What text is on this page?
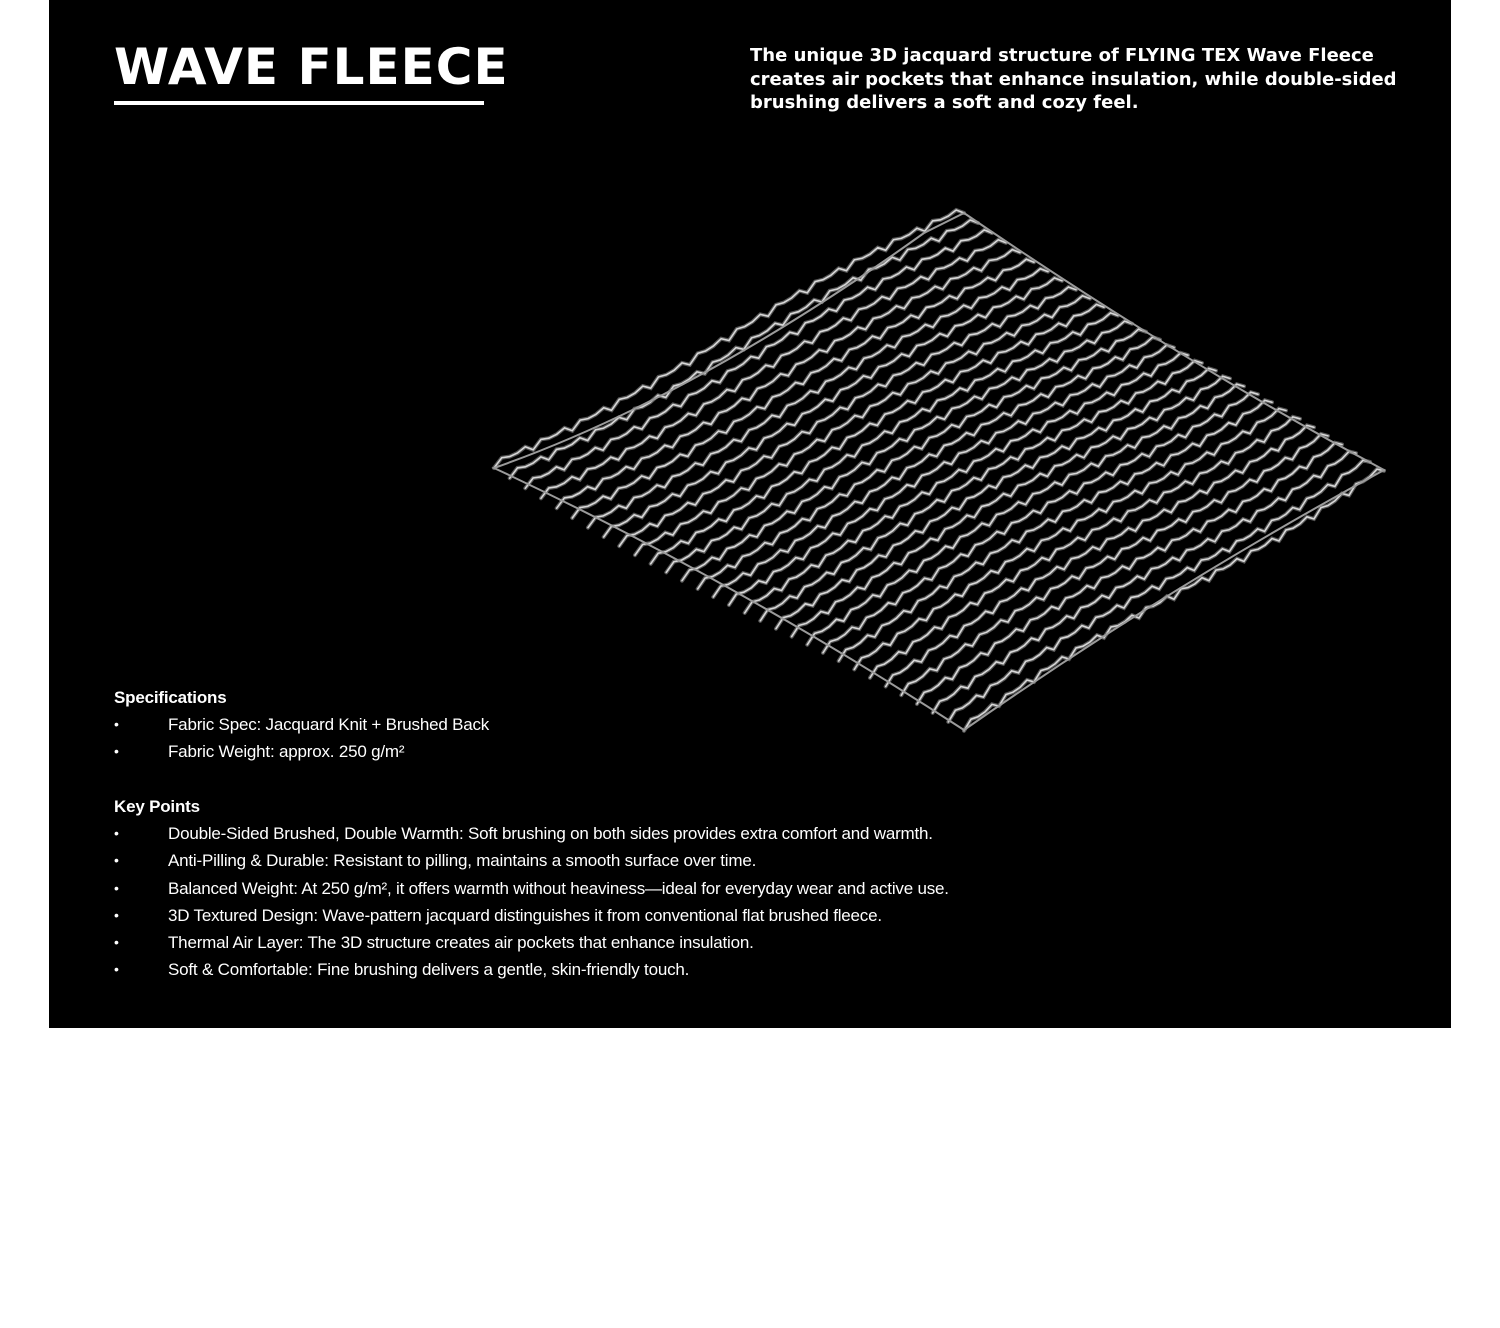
WAVE FLEECE	The unique 3D jacquard structure of FLYING TEX Wave Fleece creates air pockets that enhance insulation, while double-sided brushing delivers a soft and cozy feel.

Specifications

•	Fabric Spec: Jacquard Knit + Brushed Back
•	Fabric Weight: approx. 250 g/m²

Key Points

•	Double-Sided Brushed, Double Warmth: Soft brushing on both sides provides extra comfort and warmth.
•	Anti-Pilling & Durable: Resistant to pilling, maintains a smooth surface over time.
•	Balanced Weight: At 250 g/m², it offers warmth without heaviness—ideal for everyday wear and active use.
•	3D Textured Design: Wave-pattern jacquard distinguishes it from conventional flat brushed fleece.
•	Thermal Air Layer: The 3D structure creates air pockets that enhance insulation.
•	Soft & Comfortable: Fine brushing delivers a gentle, skin-friendly touch.
